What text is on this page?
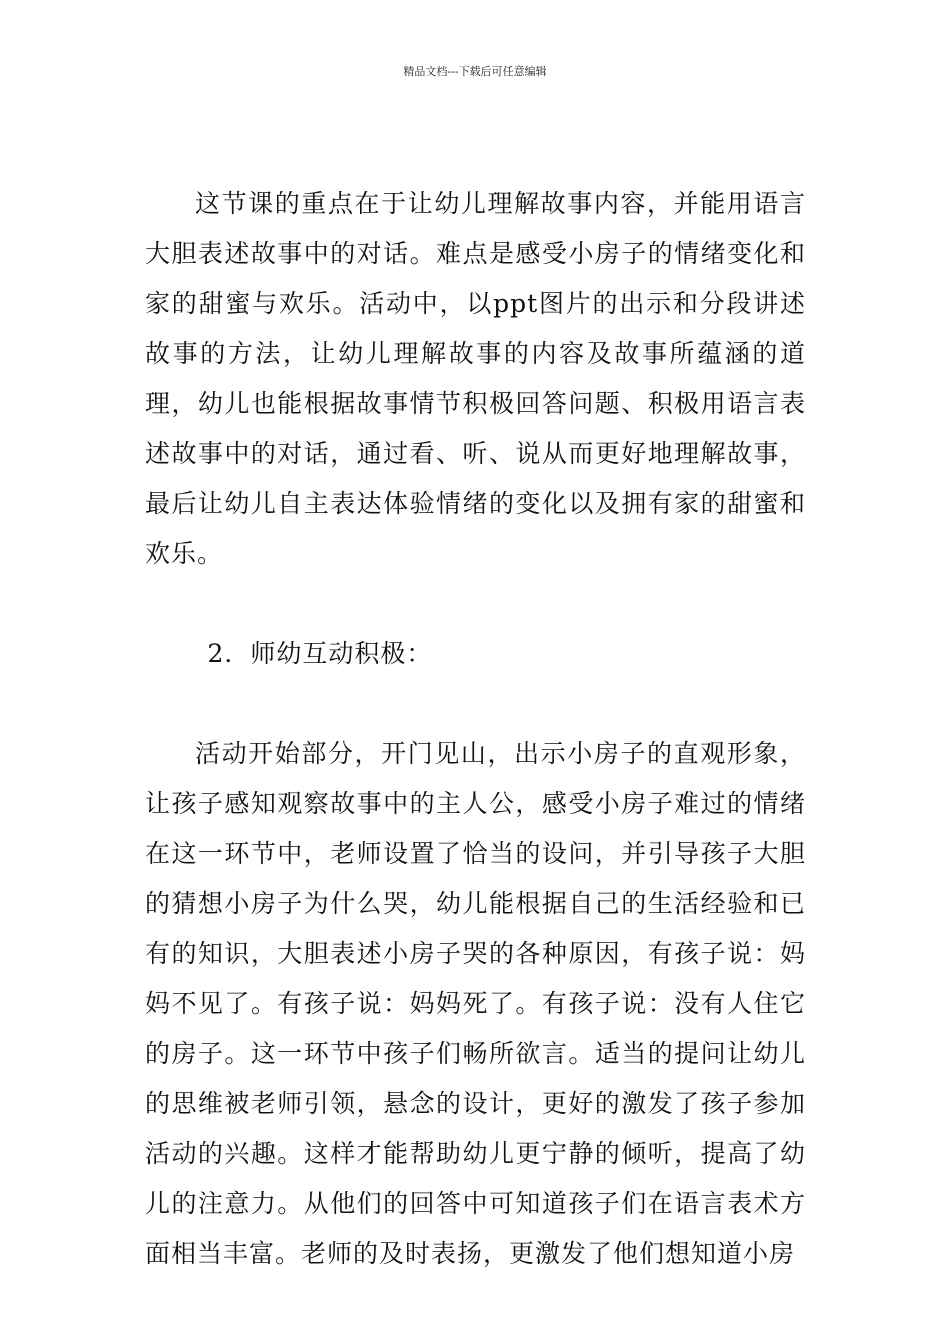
精品文档---下载后可任意编辑

这节课的重点在于让幼儿理解故事内容，并能用语言大胆表述故事中的对话。难点是感受小房子的情绪变化和家的甜蜜与欢乐。活动中，以ppt图片的出示和分段讲述故事的方法，让幼儿理解故事的内容及故事所蕴涵的道理，幼儿也能根据故事情节积极回答问题、积极用语言表述故事中的对话，通过看、听、说从而更好地理解故事，最后让幼儿自主表达体验情绪的变化以及拥有家的甜蜜和欢乐。

2．师幼互动积极：

活动开始部分，开门见山，出示小房子的直观形象，让孩子感知观察故事中的主人公，感受小房子难过的情绪在这一环节中，老师设置了恰当的设问，并引导孩子大胆的猜想小房子为什么哭，幼儿能根据自己的生活经验和已有的知识，大胆表述小房子哭的各种原因，有孩子说：妈妈不见了。有孩子说：妈妈死了。有孩子说：没有人住它的房子。这一环节中孩子们畅所欲言。适当的提问让幼儿的思维被老师引领，悬念的设计，更好的激发了孩子参加活动的兴趣。这样才能帮助幼儿更宁静的倾听，提高了幼儿的注意力。从他们的回答中可知道孩子们在语言表术方面相当丰富。老师的及时表扬，更激发了他们想知道小房
